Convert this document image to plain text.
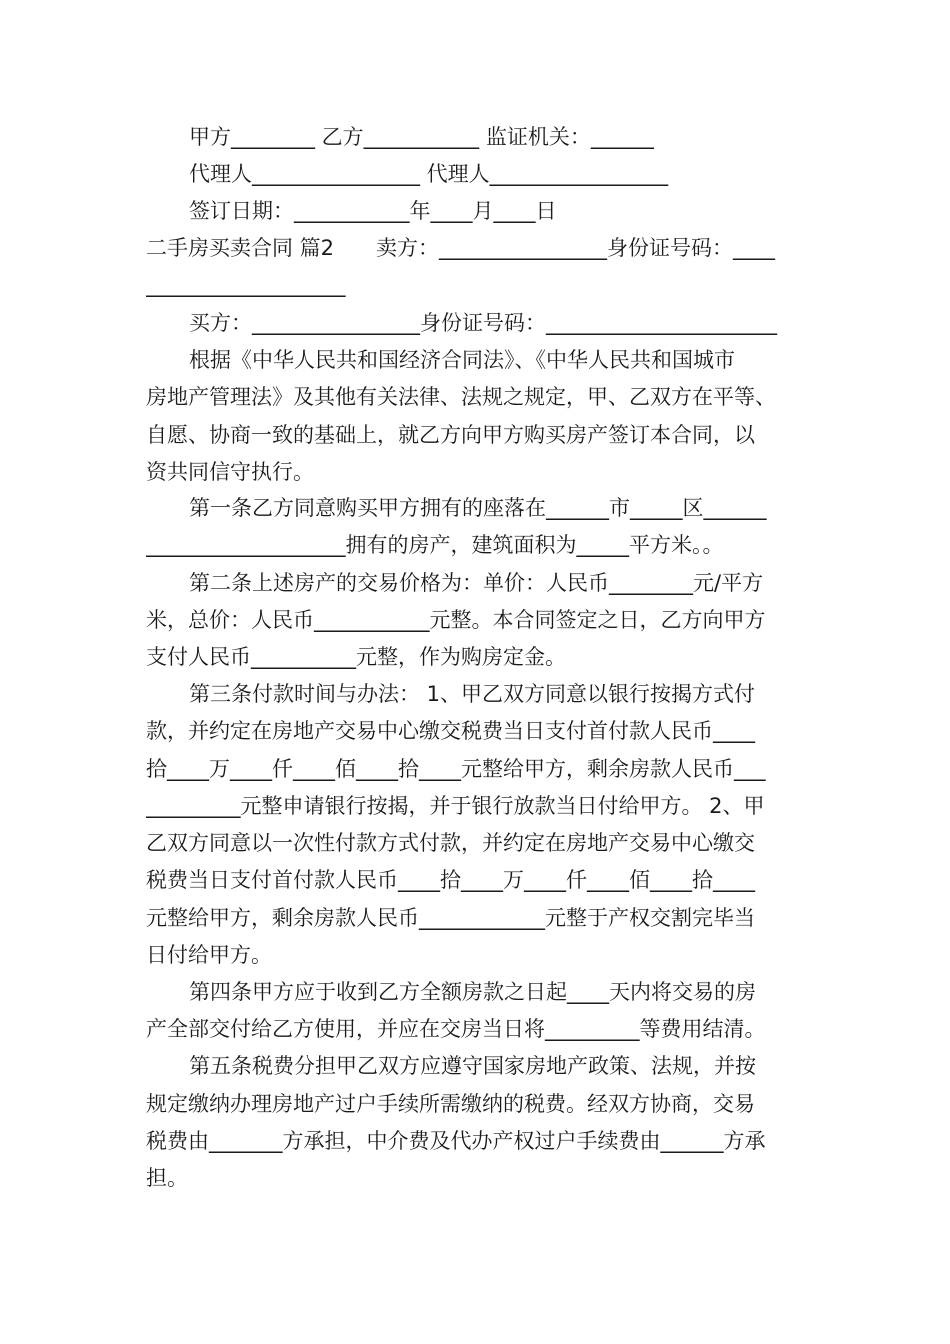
甲方________ 乙方___________ 监证机关：______
代理人________________ 代理人_________________
签订日期：___________年____月____日
二手房买卖合同 篇2　　卖方：________________身份证号码：____
___________________
买方：________________身份证号码：______________________
根据《中华人民共和国经济合同法》、《中华人民共和国城市
房地产管理法》及其他有关法律、法规之规定，甲、乙双方在平等、
自愿、协商一致的基础上，就乙方向甲方购买房产签订本合同，以
资共同信守执行。
第一条乙方同意购买甲方拥有的座落在______市_____区______
___________________拥有的房产，建筑面积为_____平方米。。
第二条上述房产的交易价格为：单价：人民币________元/平方
米，总价：人民币___________元整。本合同签定之日，乙方向甲方
支付人民币__________元整，作为购房定金。
第三条付款时间与办法： 1、甲乙双方同意以银行按揭方式付
款，并约定在房地产交易中心缴交税费当日支付首付款人民币____
拾____万____仟____佰____拾____元整给甲方，剩余房款人民币___
_________元整申请银行按揭，并于银行放款当日付给甲方。 2、甲
乙双方同意以一次性付款方式付款，并约定在房地产交易中心缴交
税费当日支付首付款人民币____拾____万____仟____佰____拾____
元整给甲方，剩余房款人民币____________元整于产权交割完毕当
日付给甲方。
第四条甲方应于收到乙方全额房款之日起____天内将交易的房
产全部交付给乙方使用，并应在交房当日将_________等费用结清。
第五条税费分担甲乙双方应遵守国家房地产政策、法规，并按
规定缴纳办理房地产过户手续所需缴纳的税费。经双方协商，交易
税费由_______方承担，中介费及代办产权过户手续费由______方承
担。
